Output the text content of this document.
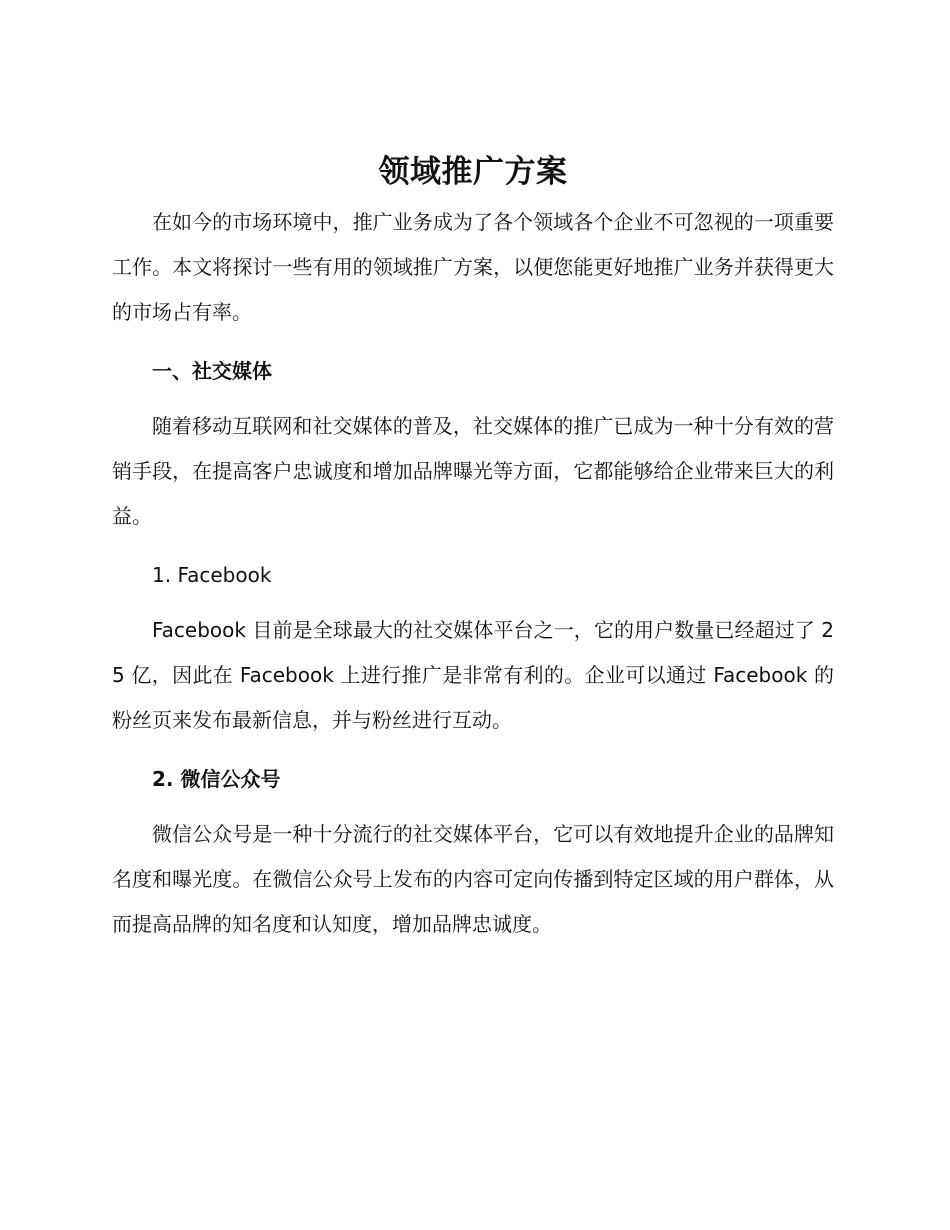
领域推广方案

在如今的市场环境中，推广业务成为了各个领域各个企业不可忽视的一项重要工作。本文将探讨一些有用的领域推广方案，以便您能更好地推广业务并获得更大的市场占有率。

一、社交媒体

随着移动互联网和社交媒体的普及，社交媒体的推广已成为一种十分有效的营销手段，在提高客户忠诚度和增加品牌曝光等方面，它都能够给企业带来巨大的利益。

1. Facebook

Facebook 目前是全球最大的社交媒体平台之一，它的用户数量已经超过了 25 亿，因此在 Facebook 上进行推广是非常有利的。企业可以通过 Facebook 的粉丝页来发布最新信息，并与粉丝进行互动。

2. 微信公众号

微信公众号是一种十分流行的社交媒体平台，它可以有效地提升企业的品牌知名度和曝光度。在微信公众号上发布的内容可定向传播到特定区域的用户群体，从而提高品牌的知名度和认知度，增加品牌忠诚度。
